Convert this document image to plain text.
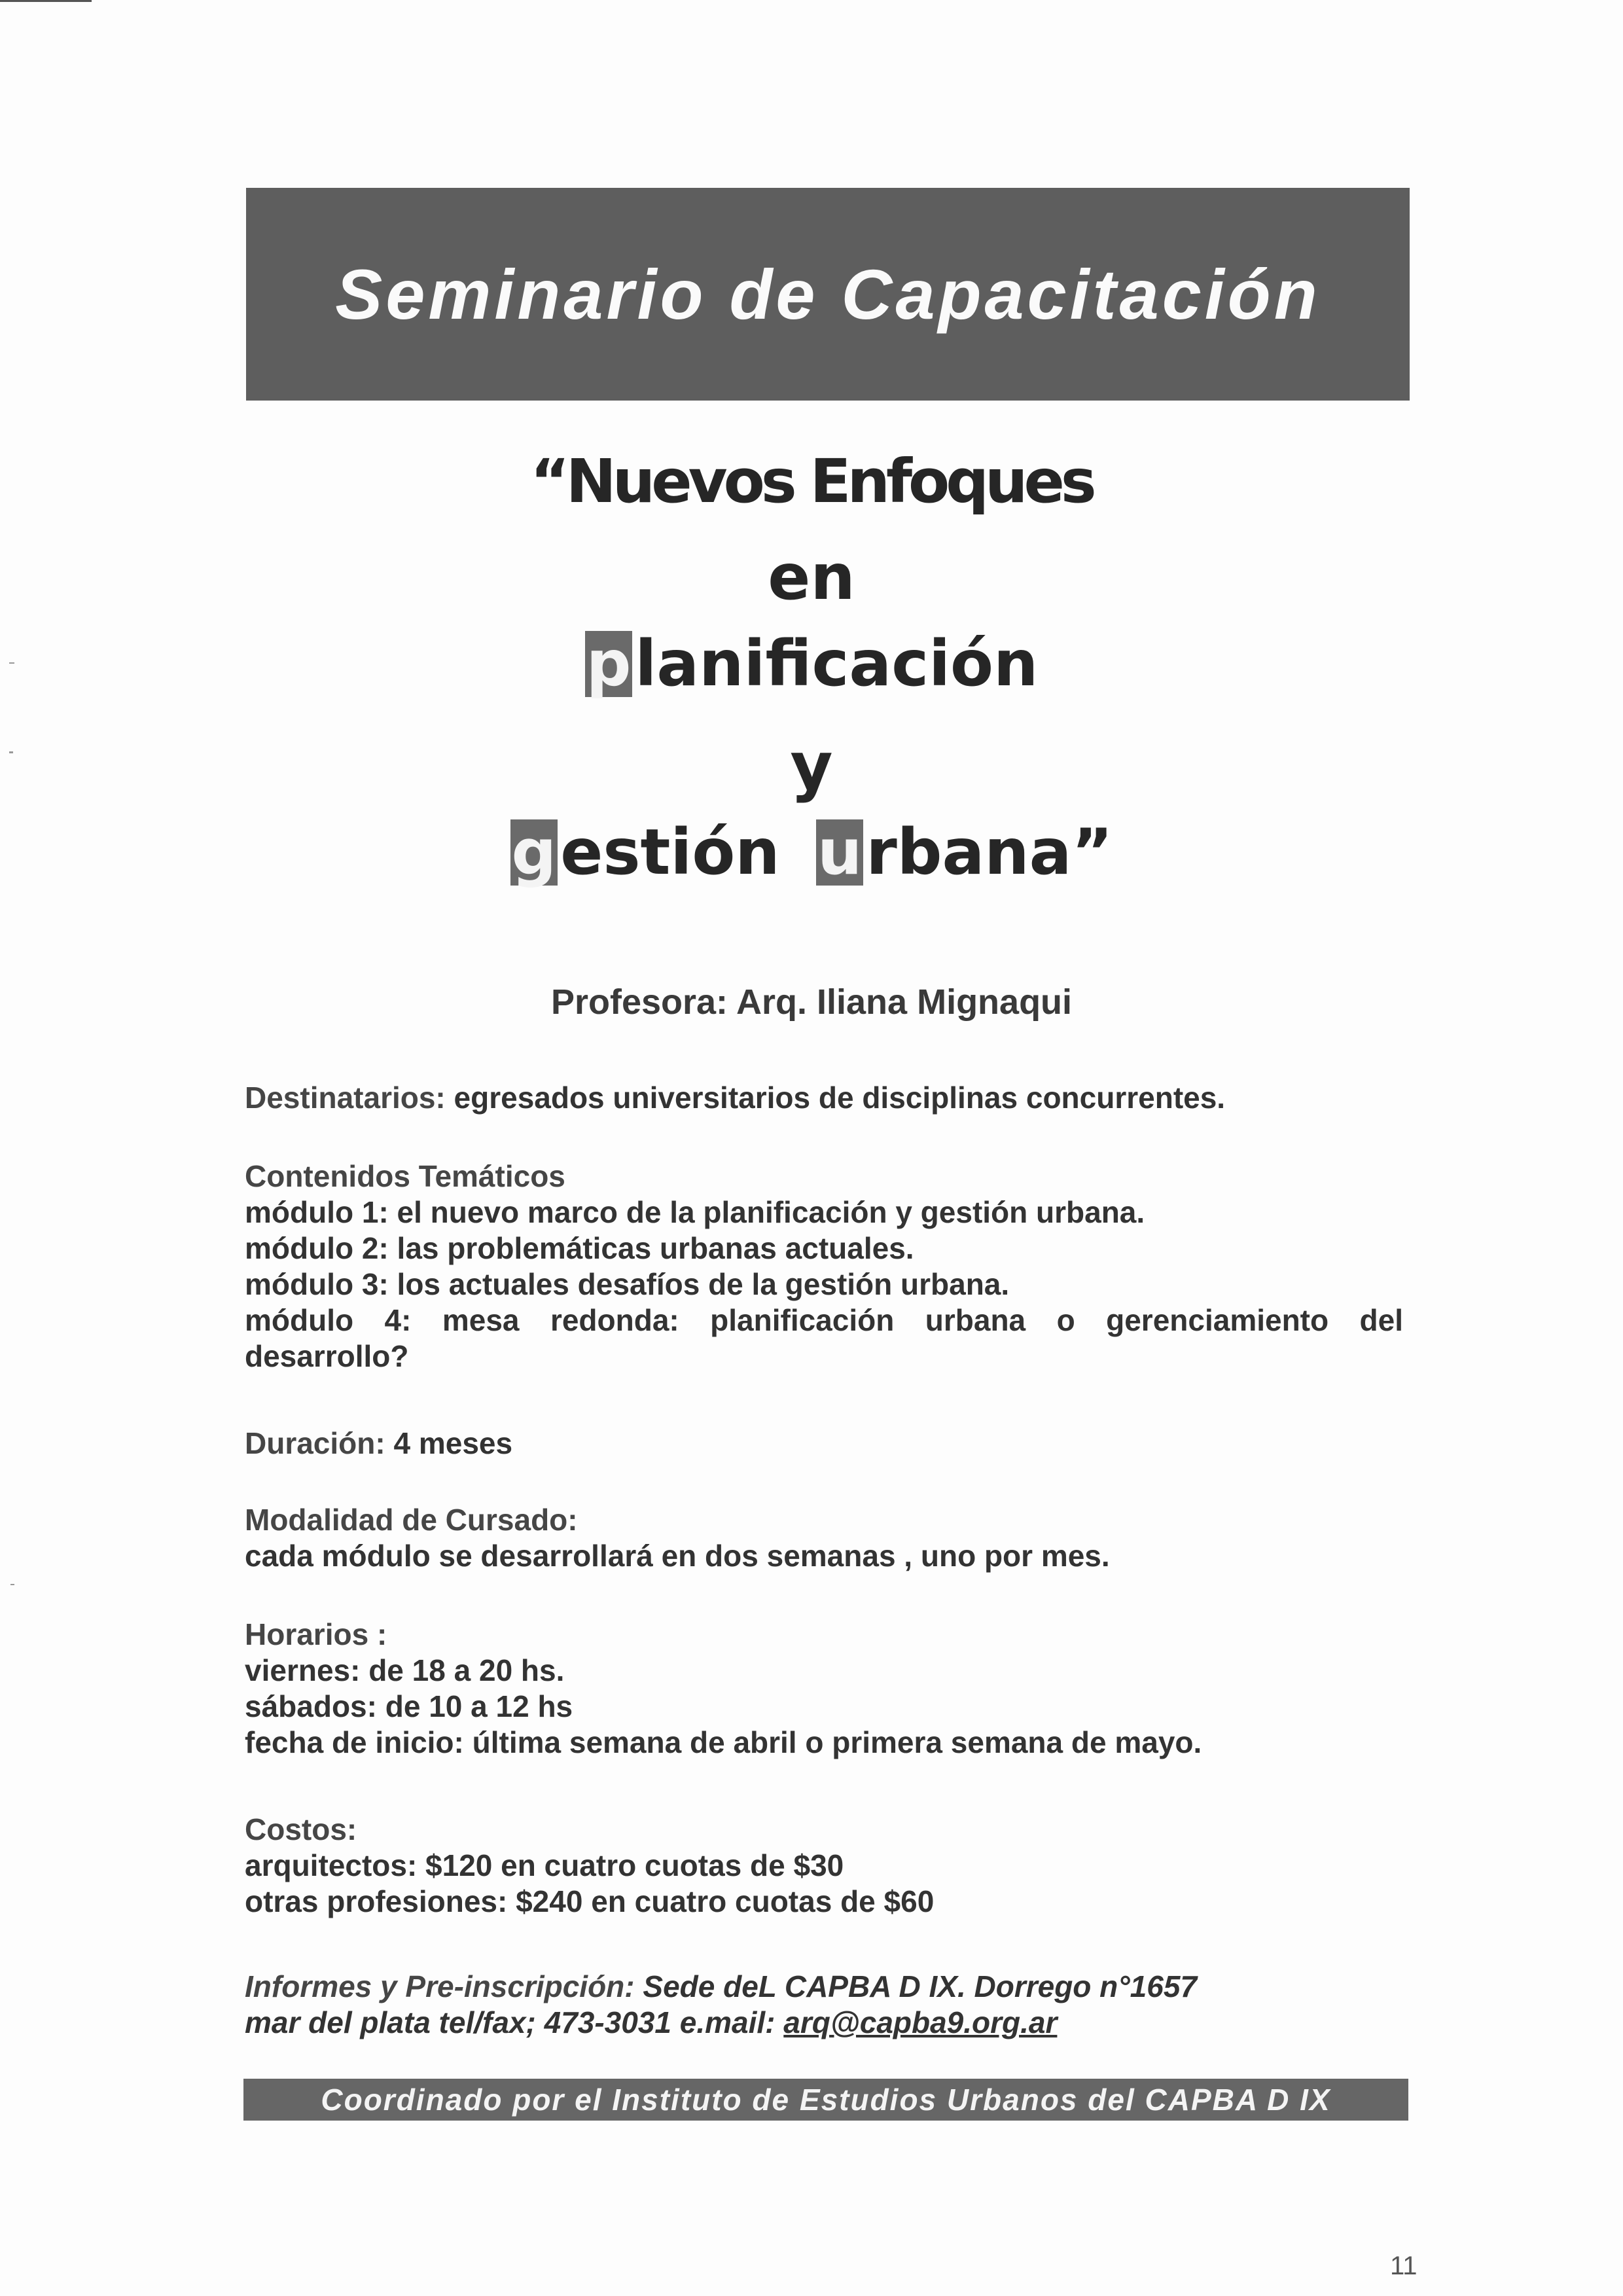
Seminario de Capacitación
“Nuevos Enfoques
en
planificación
y
gestión urbana”
Profesora: Arq. Iliana Mignaqui
Destinatarios: egresados universitarios de disciplinas concurrentes.
Contenidos Temáticos
módulo 1: el nuevo marco de la planificación y gestión urbana.
módulo 2: las problemáticas urbanas actuales.
módulo 3: los actuales desafíos de la gestión urbana.
módulo 4: mesa redonda: planificación urbana o gerenciamiento del
desarrollo?
Duración: 4 meses
Modalidad de Cursado:
cada módulo se desarrollará en dos semanas , uno por mes.
Horarios :
viernes: de 18 a 20 hs.
sábados: de 10 a 12 hs
fecha de inicio: última semana de abril o primera semana de mayo.
Costos:
arquitectos: $120 en cuatro cuotas de $30
otras profesiones: $240 en cuatro cuotas de $60
Informes y Pre-inscripción: Sede deL CAPBA D IX. Dorrego n°1657
mar del plata tel/fax; 473-3031 e.mail: arq@capba9.org.ar
Coordinado por el Instituto de Estudios Urbanos del CAPBA D IX
11
